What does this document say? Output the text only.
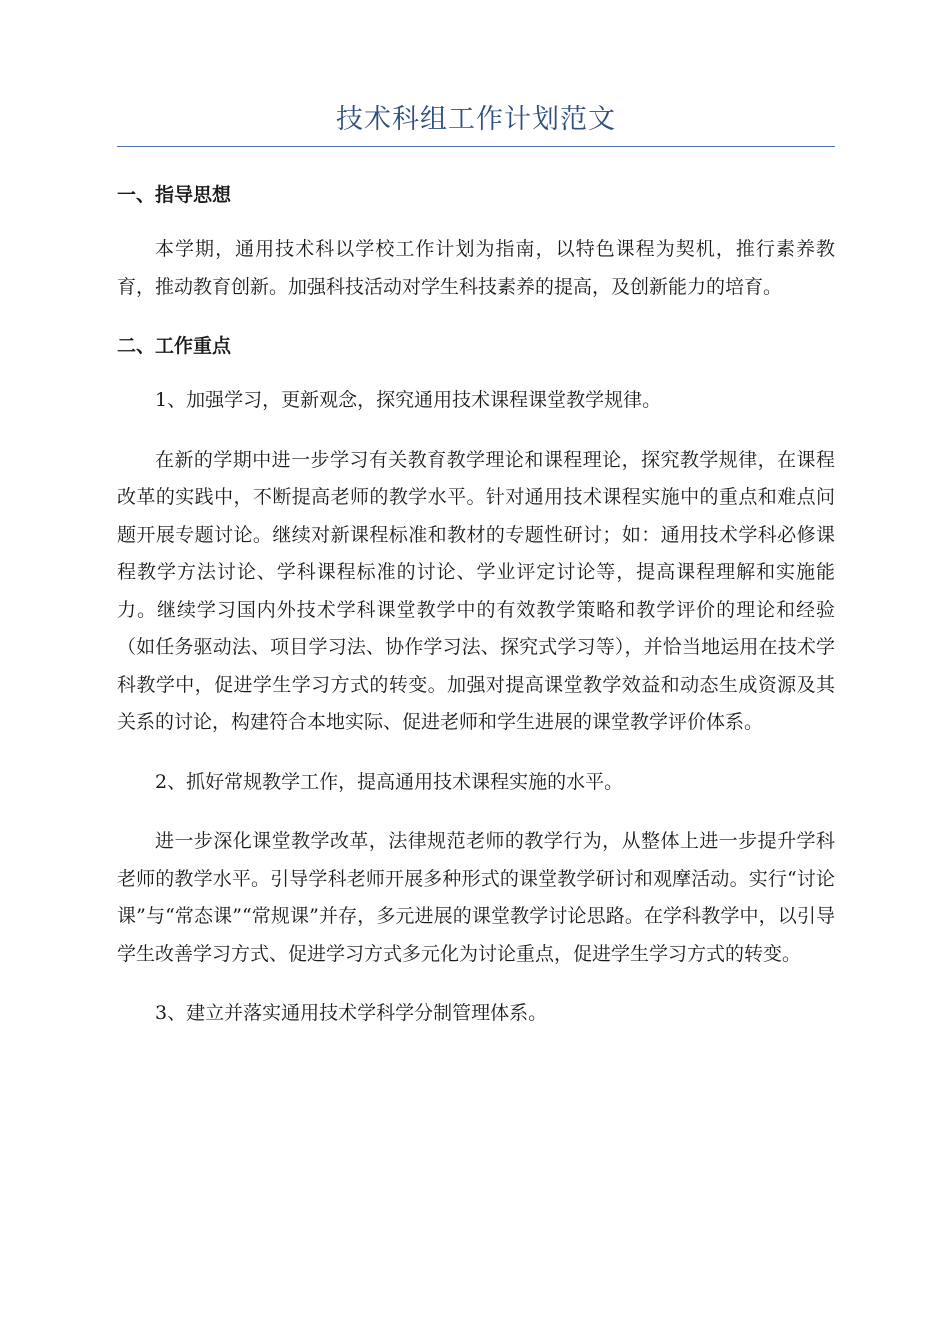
技术科组工作计划范文
一、指导思想

本学期，通用技术科以学校工作计划为指南，以特色课程为契机，推行素养教育，推动教育创新。加强科技活动对学生科技素养的提高，及创新能力的培育。

二、工作重点

1、加强学习，更新观念，探究通用技术课程课堂教学规律。

在新的学期中进一步学习有关教育教学理论和课程理论，探究教学规律，在课程改革的实践中，不断提高老师的教学水平。针对通用技术课程实施中的重点和难点问题开展专题讨论。继续对新课程标准和教材的专题性研讨；如：通用技术学科必修课程教学方法讨论、学科课程标准的讨论、学业评定讨论等，提高课程理解和实施能力。继续学习国内外技术学科课堂教学中的有效教学策略和教学评价的理论和经验（如任务驱动法、项目学习法、协作学习法、探究式学习等），并恰当地运用在技术学科教学中，促进学生学习方式的转变。加强对提高课堂教学效益和动态生成资源及其关系的讨论，构建符合本地实际、促进老师和学生进展的课堂教学评价体系。

2、抓好常规教学工作，提高通用技术课程实施的水平。

进一步深化课堂教学改革，法律规范老师的教学行为，从整体上进一步提升学科老师的教学水平。引导学科老师开展多种形式的课堂教学研讨和观摩活动。实行“讨论课”与“常态课”“常规课”并存，多元进展的课堂教学讨论思路。在学科教学中，以引导学生改善学习方式、促进学习方式多元化为讨论重点，促进学生学习方式的转变。

3、建立并落实通用技术学科学分制管理体系。
